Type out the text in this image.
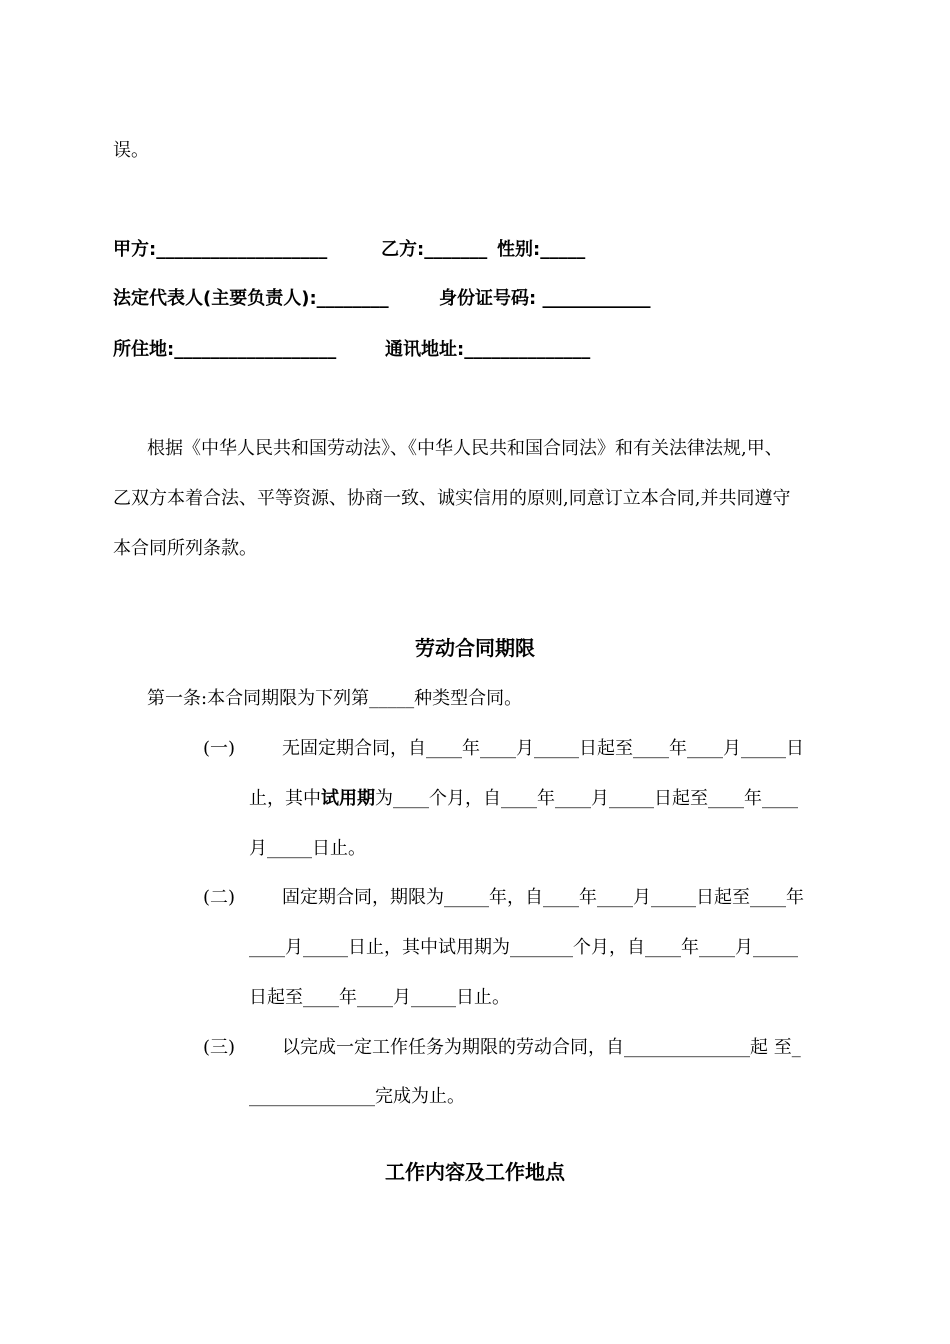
误。
甲方:___________________	乙方:_______ 性别:_____
法定代表人(主要负责人):________	身份证号码: ____________
所住地:__________________	通讯地址:______________
根据《中华人民共和国劳动法》、《中华人民共和国合同法》和有关法律法规,甲、
乙双方本着合法、平等资源、协商一致、诚实信用的原则,同意订立本合同,并共同遵守
本合同所列条款。
劳动合同期限
第一条:本合同期限为下列第_____种类型合同。
(一)	无固定期合同，自____年____月_____日起至____年____月_____日
止，其中试用期为____个月，自____年____月_____日起至____年____
月_____日止。
(二)	固定期合同，期限为_____年，自____年____月_____日起至____年
____月_____日止，其中试用期为_______个月，自____年____月_____
日起至____年____月_____日止。
(三)	以完成一定工作任务为期限的劳动合同，自______________起 至_
______________完成为止。
工作内容及工作地点
